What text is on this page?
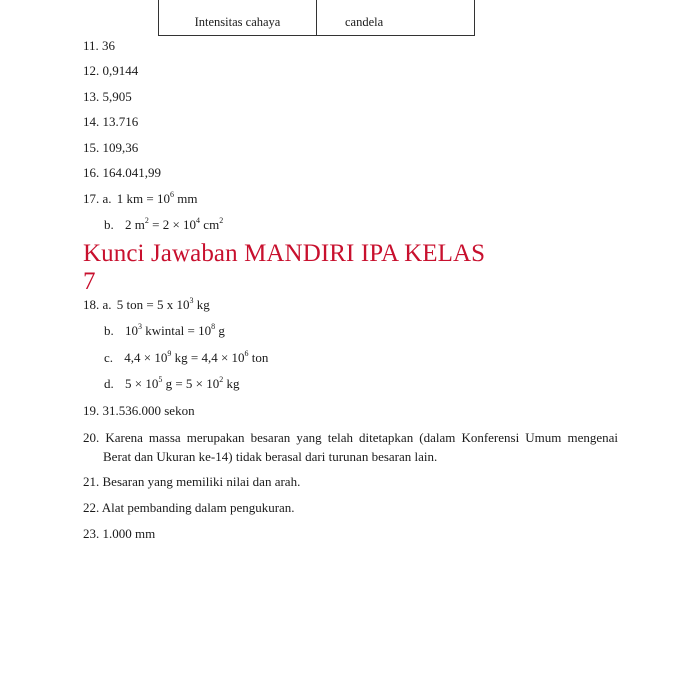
Intensitas cahaya	candela
11. 36
12. 0,9144
13. 5,905
14. 13.716
15. 109,36
16. 164.041,99
17. a. 1 km = $10^6$ mm
b. 2 $m^2 = 2 \times 10^4$ $cm^2$
Kunci Jawaban MANDIRI IPA KELAS
7
18. a. 5 ton = 5 x $10^3$ kg
b. $10^3$ kwintal = $10^8$ g
c. $4,4 \times 10^9$ kg = $4,4 \times 10^6$ ton
d. $5 \times 10^5$ $g = 5 \times 10^2$ kg
19. 31.536.000 sekon
20. Karena massa merupakan besaran yang telah ditetapkan (dalam Konferensi Umum mengenai Berat dan Ukuran ke-14) tidak berasal dari turunan besaran lain.
21. Besaran yang memiliki nilai dan arah.
22. Alat pembanding dalam pengukuran.
23. 1.000 mm
